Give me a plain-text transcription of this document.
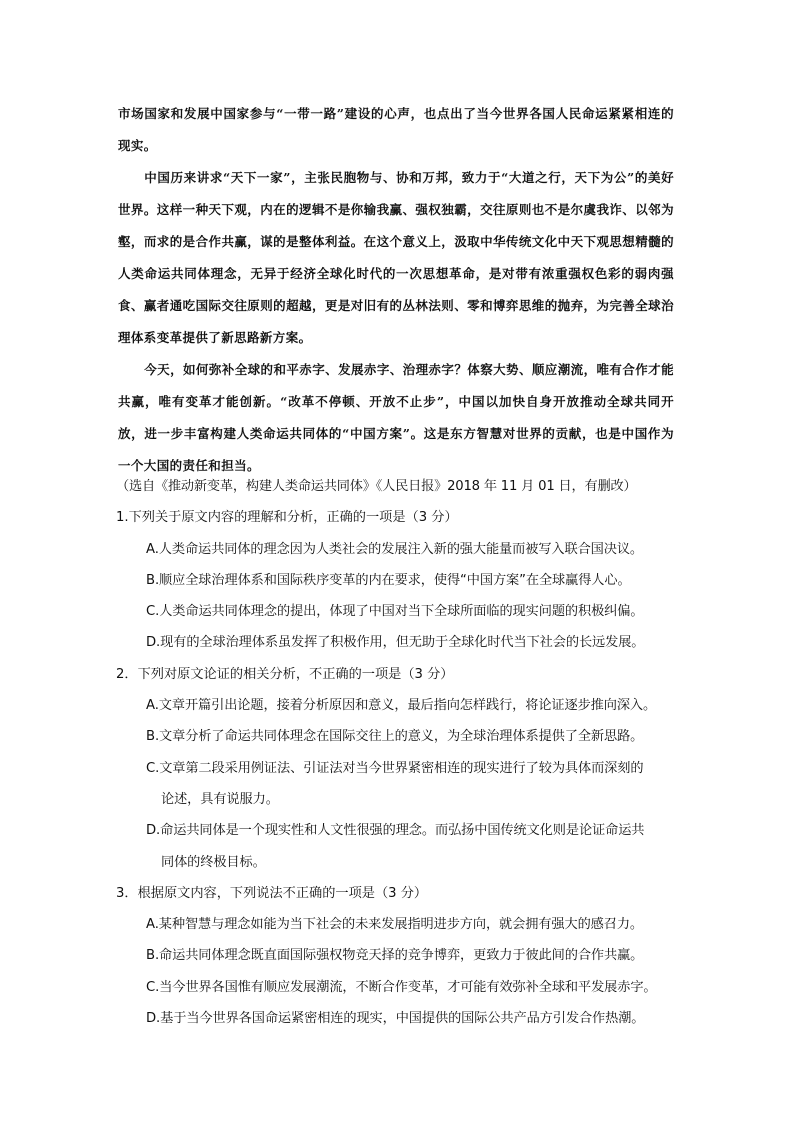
市场国家和发展中国家参与“一带一路”建设的心声，也点出了当今世界各国人民命运紧紧相连的现实。

中国历来讲求“天下一家”，主张民胞物与、协和万邦，致力于“大道之行，天下为公”的美好世界。这样一种天下观，内在的逻辑不是你输我赢、强权独霸，交往原则也不是尔虞我诈、以邻为壑，而求的是合作共赢，谋的是整体利益。在这个意义上，汲取中华传统文化中天下观思想精髓的人类命运共同体理念，无异于经济全球化时代的一次思想革命，是对带有浓重强权色彩的弱肉强食、赢者通吃国际交往原则的超越，更是对旧有的丛林法则、零和博弈思维的抛弃，为完善全球治理体系变革提供了新思路新方案。

今天，如何弥补全球的和平赤字、发展赤字、治理赤字？体察大势、顺应潮流，唯有合作才能共赢，唯有变革才能创新。“改革不停顿、开放不止步”，中国以加快自身开放推动全球共同开放，进一步丰富构建人类命运共同体的“中国方案”。这是东方智慧对世界的贡献，也是中国作为一个大国的责任和担当。

（选自《推动新变革，构建人类命运共同体》《人民日报》2018 年 11 月 01 日，有删改）

1.下列关于原文内容的理解和分析，正确的一项是（3 分）

A.人类命运共同体的理念因为人类社会的发展注入新的强大能量而被写入联合国决议。

B.顺应全球治理体系和国际秩序变革的内在要求，使得“中国方案”在全球赢得人心。

C.人类命运共同体理念的提出，体现了中国对当下全球所面临的现实问题的积极纠偏。

D.现有的全球治理体系虽发挥了积极作用，但无助于全球化时代当下社会的长远发展。

2．下列对原文论证的相关分析，不正确的一项是（3 分）

A.文章开篇引出论题，接着分析原因和意义，最后指向怎样践行，将论证逐步推向深入。

B.文章分析了命运共同体理念在国际交往上的意义，为全球治理体系提供了全新思路。

C.文章第二段采用例证法、引证法对当今世界紧密相连的现实进行了较为具体而深刻的

论述，具有说服力。

D.命运共同体是一个现实性和人文性很强的理念。而弘扬中国传统文化则是论证命运共

同体的终极目标。

3．根据原文内容，下列说法不正确的一项是（3 分）

A.某种智慧与理念如能为当下社会的未来发展指明进步方向，就会拥有强大的感召力。

B.命运共同体理念既直面国际强权物竞天择的竞争博弈，更致力于彼此间的合作共赢。

C.当今世界各国惟有顺应发展潮流，不断合作变革，才可能有效弥补全球和平发展赤字。

D.基于当今世界各国命运紧密相连的现实，中国提供的国际公共产品方引发合作热潮。
